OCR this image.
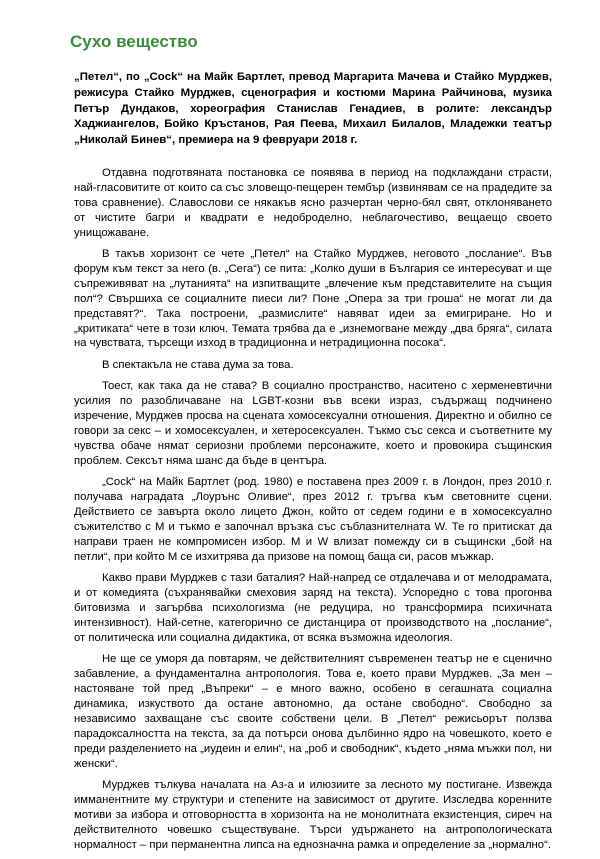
Сухо вещество

„Петел“, по „Cock“ на Майк Бартлет, превод Маргарита Мачева и Стайко Мурджев, режисура Стайко Мурджев, сценография и костюми Марина Райчинова, музика Петър Дундаков, хореография Станислав Генадиев, в ролите: лександър Хаджиангелов, Бойко Кръстанов, Рая Пеева, Михаил Билалов, Младежки театър „Николай Бинев“, премиера на 9 февруари 2018 г.

Отдавна подготвяната постановка се появява в период на подклаждани страсти, най-гласовитите от които са със зловещо-пещерен тембър (извинявам се на прадедите за това сравнение). Славослови се някакъв ясно разчертан черно-бял свят, отклоняването от чистите багри и квадрати е недоброделно, неблагочестиво, вещаещо своето унищожаване.

В такъв хоризонт се чете „Петел“ на Стайко Мурджев, неговото „послание“. Във форум към текст за него (в. „Сега“) се пита: „Колко души в България се интересуват и ще съпреживяват на „лутанията“ на изпитващите „влечение към представителите на същия пол“? Свършиха се социалните пиеси ли? Поне „Опера за три гроша“ не могат ли да представят?“. Така построени, „размислите“ навяват идеи за емигриране. Но и „критиката“ чете в този ключ. Темата трябва да е „изнемогване между „два бряга“, силата на чувствата, търсещи изход в традиционна и нетрадиционна посока“.

В спектакъла не става дума за това.

Тоест, как така да не става? В социално пространство, наситено с херменевтични усилия по разобличаване на LGBT-козни във всеки израз, съдържащ подчинено изречение, Мурджев просва на сцената хомосексуални отношения. Директно и обилно се говори за секс – и хомосексуален, и хетеросексуален. Тъкмо със секса и съответните му чувства обаче нямат сериозни проблеми персонажите, което и провокира същинския проблем. Сексът няма шанс да бъде в центъра.

„Cock“ на Майк Бартлет (род. 1980) е поставена през 2009 г. в Лондон, през 2010 г. получава наградата „Лоурънс Оливие“, през 2012 г. тръгва към световните сцени. Действието се завърта около лицето Джон, който от седем години е в хомосексуално съжителство с М и тъкмо е започнал връзка със съблазнителната W. Те го притискат да направи траен не компромисен избор. М и W влизат помежду си в същински „бой на петли“, при който М се изхитрява да призове на помощ баща си, расов мъжкар.

Какво прави Мурджев с тази баталия? Най-напред се отдалечава и от мелодрамата, и от комедията (съхранявайки смеховия заряд на текста). Успоредно с това прогонва битовизма и загърбва психологизма (не редуцира, но трансформира психичната интензивност). Най-сетне, категорично се дистанцира от производството на „послание“, от политическа или социална дидактика, от всяка възможна идеология.

Не ще се уморя да повтарям, че действителният съвременен театър не е сценично забавление, а фундаментална антропология. Това е, което прави Мурджев. „За мен – настояване той пред „Въпреки“ – е много важно, особено в сегашната социална динамика, изкуството да остане автономно, да остане свободно“. Свободно за независимо захващане със своите собствени цели. В „Петел“ режисьорът ползва парадоксалността на текста, за да потърси онова дълбинно ядро на човешкото, което е преди разделението на „иудеин и елин“, на „роб и свободник“, където „няма мъжки пол, ни женски“.

Мурджев тълкува началата на Аз-а и илюзиите за лесното му постигане. Извежда имманентните му структури и степените на зависимост от другите. Изследва коренните мотиви за избора и отговорността в хоризонта на не монолитната екзистенция, сиреч на действителното човешко съществуване. Търси удържането на антропологическата нормалност – при перманентна липса на еднозначна рамка и определение за „нормално“.
